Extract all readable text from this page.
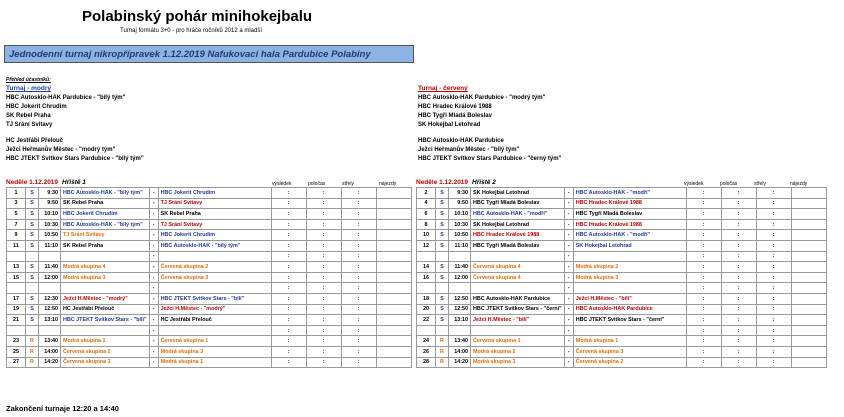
Polabinský pohár minihokejbalu
Turnaj formátu 3+0 - pro hráče ročníků 2012 a mladší
Jednodenní turnaj nikropřípravek 1.12.2019 Nafukovací hala Pardubice Polabiny
Přehled účastníků:
Turnaj - modrý
HBC Autosklo-HAK Pardubice - "bílý tým"
HBC Jokerit Chrudim
SK Rebel Praha
TJ Srání Svitavy
HC Jestřábi Přelouč
Ježci Heřmanův Městec - "modrý tým"
HBC JTEKT Svitkov Stars Pardubice - "bílý tým"
Turnaj - červený
HBC Autosklo-HAK Pardubice - "modrý tým"
HBC Hradec Králové 1988
HBC Tygři Mladá Boleslav
SK Hokejbal Letohrad
HBC Autosklo-HAK Pardubice
Ježci Heřmanův Městec - "bílý tým"
HBC JTEKT Svitkov Stars Pardubice - "černý tým"
Neděle 1.12.2019 Hřiště 1	výsledek	poločas	střely	nájezdy	Neděle 1.12.2019 Hřiště 2	výsledek	poločas	střely	nájezdy
1	S	9:30	HBC Autosklo-HAK - "bílý tým"	-	HBC Jokerit Chrudim	:	:	:	
3	S	9:50	SK Rebel Praha	-	TJ Srání Svitavy	:	:	:	
5	S	10:10	HBC Jokerit Chrudim	-	SK Rebel Praha	:	:	:	
7	S	10:30	HBC Autosklo-HAK - "bílý tým"	-	TJ Srání Svitavy	:	:	:	
9	S	10:50	TJ Srání Svitavy	-	HBC Jokerit Chrudim	:	:	:	
11	S	11:10	SK Rebel Praha	-	HBC Autosklo-HAK - "bílý tým"	:	:	:	
				-		:	:	:	
13	S	11:40	Modrá skupina 4	-	Červená skupina 2	:	:	:	
15	S	12:00	Modrá skupina 3	-	Červená skupina 3	:	:	:	
				-		:	:	:	
17	S	12:30	Ježci H.Městec - "modrý"	-	HBC JTEKT Svitkov Stars - "bílí"	:	:	:	
19	S	12:50	HC Jestřábi Přelouč	-	Ježci H.Městec - "modrý"	:	:	:	
21	S	13:10	HBC JTEKT Svitkov Stars - "bílí"	-	HC Jestřábi Přelouč	:	:	:	
				-		:	:	:	
23	R	13:40	Modrá skupina 1	-	Červená skupina 1	:	:	:	
25	R	14:00	Červená skupina 2	-	Modrá skupina 3	:	:	:	
27	R	14:20	Červená skupina 3	-	Modrá skupina 1	:	:	:	
2	S	9:30	SK Hokejbal Letohrad	-	HBC Autosklo-HAK - "modří"	:	:	:	
4	S	9:50	HBC Tygři Mladá Boleslav	-	HBC Hradec Králové 1988	:	:	:	
6	S	10:10	HBC Autosklo-HAK - "modří"	-	HBC Tygři Mladá Boleslav	:	:	:	
8	S	10:30	SK Hokejbal Letohrad	-	HBC Hradec Králové 1988	:	:	:	
10	S	10:50	HBC Hradec Králové 1988	-	HBC Autosklo-HAK - "modří"	:	:	:	
12	S	11:10	HBC Tygři Mladá Boleslav	-	SK Hokejbal Letohrad	:	:	:	
				-		:	:	:	
14	S	11:40	Červená skupina 4	-	Modrá skupina 2	:	:	:	
16	S	12:00	Červená skupina 4	-	Modrá skupina 3	:	:	:	
				-		:	:	:	
18	S	12:50	HBC Autosklo-HAK Pardubice	-	Ježci H.Městec - "bílí"	:	:	:	
20	S	12:50	HBC JTEKT Svitkov Stars - "černí"	-	HBC Autosklo-HAK Pardubice	:	:	:	
22	S	13:10	Ježci H.Městec - "bílí"	-	HBC JTEKT Svitkov Stars - "černí"	:	:	:	
				-		:	:	:	
24	R	13:40	Červená skupina 1	-	Modrá skupina 1	:	:	:	
26	R	14:00	Modrá skupina 2	-	Červená skupina 3	:	:	:	
28	R	14:20	Modrá skupina 3	-	Červená skupina 2	:	:	:	
Zakončení turnaje 12:20 a 14:40
